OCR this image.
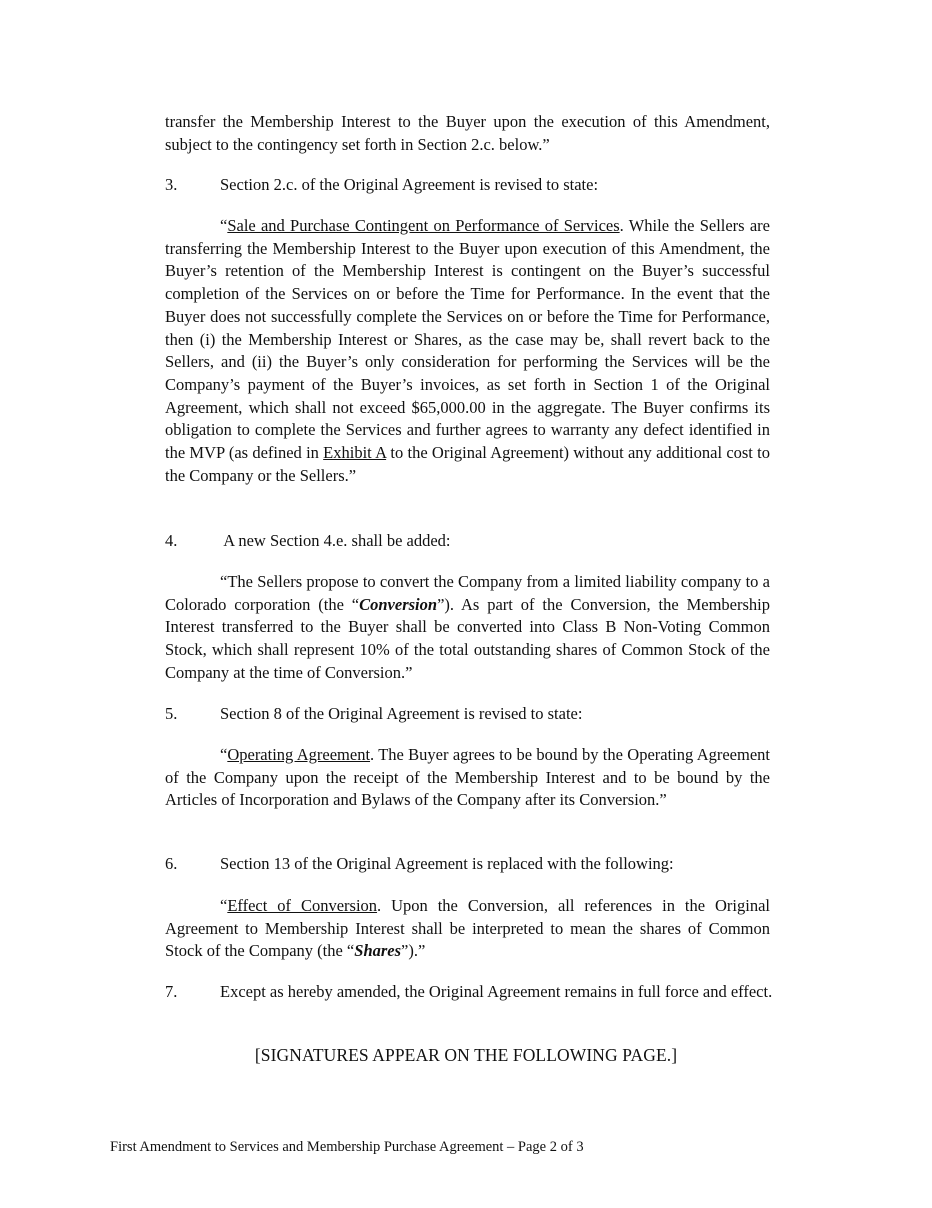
transfer the Membership Interest to the Buyer upon the execution of this Amendment, subject to the contingency set forth in Section 2.c. below.”

3.	Section 2.c. of the Original Agreement is revised to state:

“Sale and Purchase Contingent on Performance of Services. While the Sellers are transferring the Membership Interest to the Buyer upon execution of this Amendment, the Buyer’s retention of the Membership Interest is contingent on the Buyer’s successful completion of the Services on or before the Time for Performance. In the event that the Buyer does not successfully complete the Services on or before the Time for Performance, then (i) the Membership Interest or Shares, as the case may be, shall revert back to the Sellers, and (ii) the Buyer’s only consideration for performing the Services will be the Company’s payment of the Buyer’s invoices, as set forth in Section 1 of the Original Agreement, which shall not exceed $65,000.00 in the aggregate. The Buyer confirms its obligation to complete the Services and further agrees to warranty any defect identified in the MVP (as defined in Exhibit A to the Original Agreement) without any additional cost to the Company or the Sellers.”

4.	A new Section 4.e. shall be added:

“The Sellers propose to convert the Company from a limited liability company to a Colorado corporation (the “Conversion”). As part of the Conversion, the Membership Interest transferred to the Buyer shall be converted into Class B Non-Voting Common Stock, which shall represent 10% of the total outstanding shares of Common Stock of the Company at the time of Conversion.”

5.	Section 8 of the Original Agreement is revised to state:

“Operating Agreement. The Buyer agrees to be bound by the Operating Agreement of the Company upon the receipt of the Membership Interest and to be bound by the Articles of Incorporation and Bylaws of the Company after its Conversion.”

6.	Section 13 of the Original Agreement is replaced with the following:

“Effect of Conversion. Upon the Conversion, all references in the Original Agreement to Membership Interest shall be interpreted to mean the shares of Common Stock of the Company (the “Shares”).”

7.	Except as hereby amended, the Original Agreement remains in full force and effect.

[SIGNATURES APPEAR ON THE FOLLOWING PAGE.]
First Amendment to Services and Membership Purchase Agreement – Page 2 of 3
